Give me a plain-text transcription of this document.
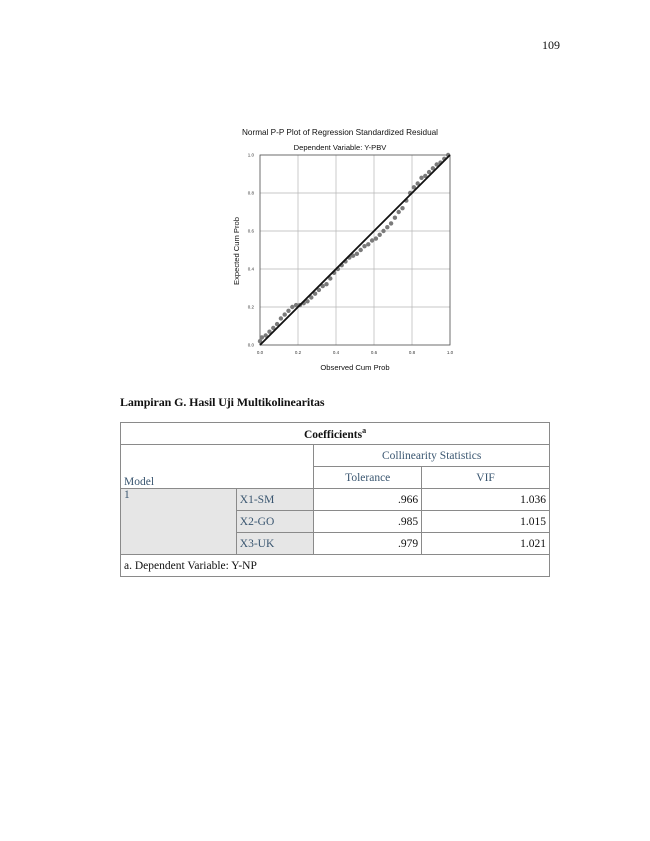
109
Normal P-P Plot of Regression Standardized Residual
Dependent Variable: Y-PBV
Expected Cum Prob
Observed Cum Prob
0.0	0.2	0.4	0.6	0.8	1.0
0.0
0.2
0.4
0.6
0.8
1.0
Lampiran G. Hasil Uji Multikolinearitas
Coefficients$^a$
Model		Collinearity Statistics	
		Tolerance	VIF
1	X1-SM	.966	1.036
	X2-GO	.985	1.015
	X3-UK	.979	1.021
a. Dependent Variable: Y-NP			
